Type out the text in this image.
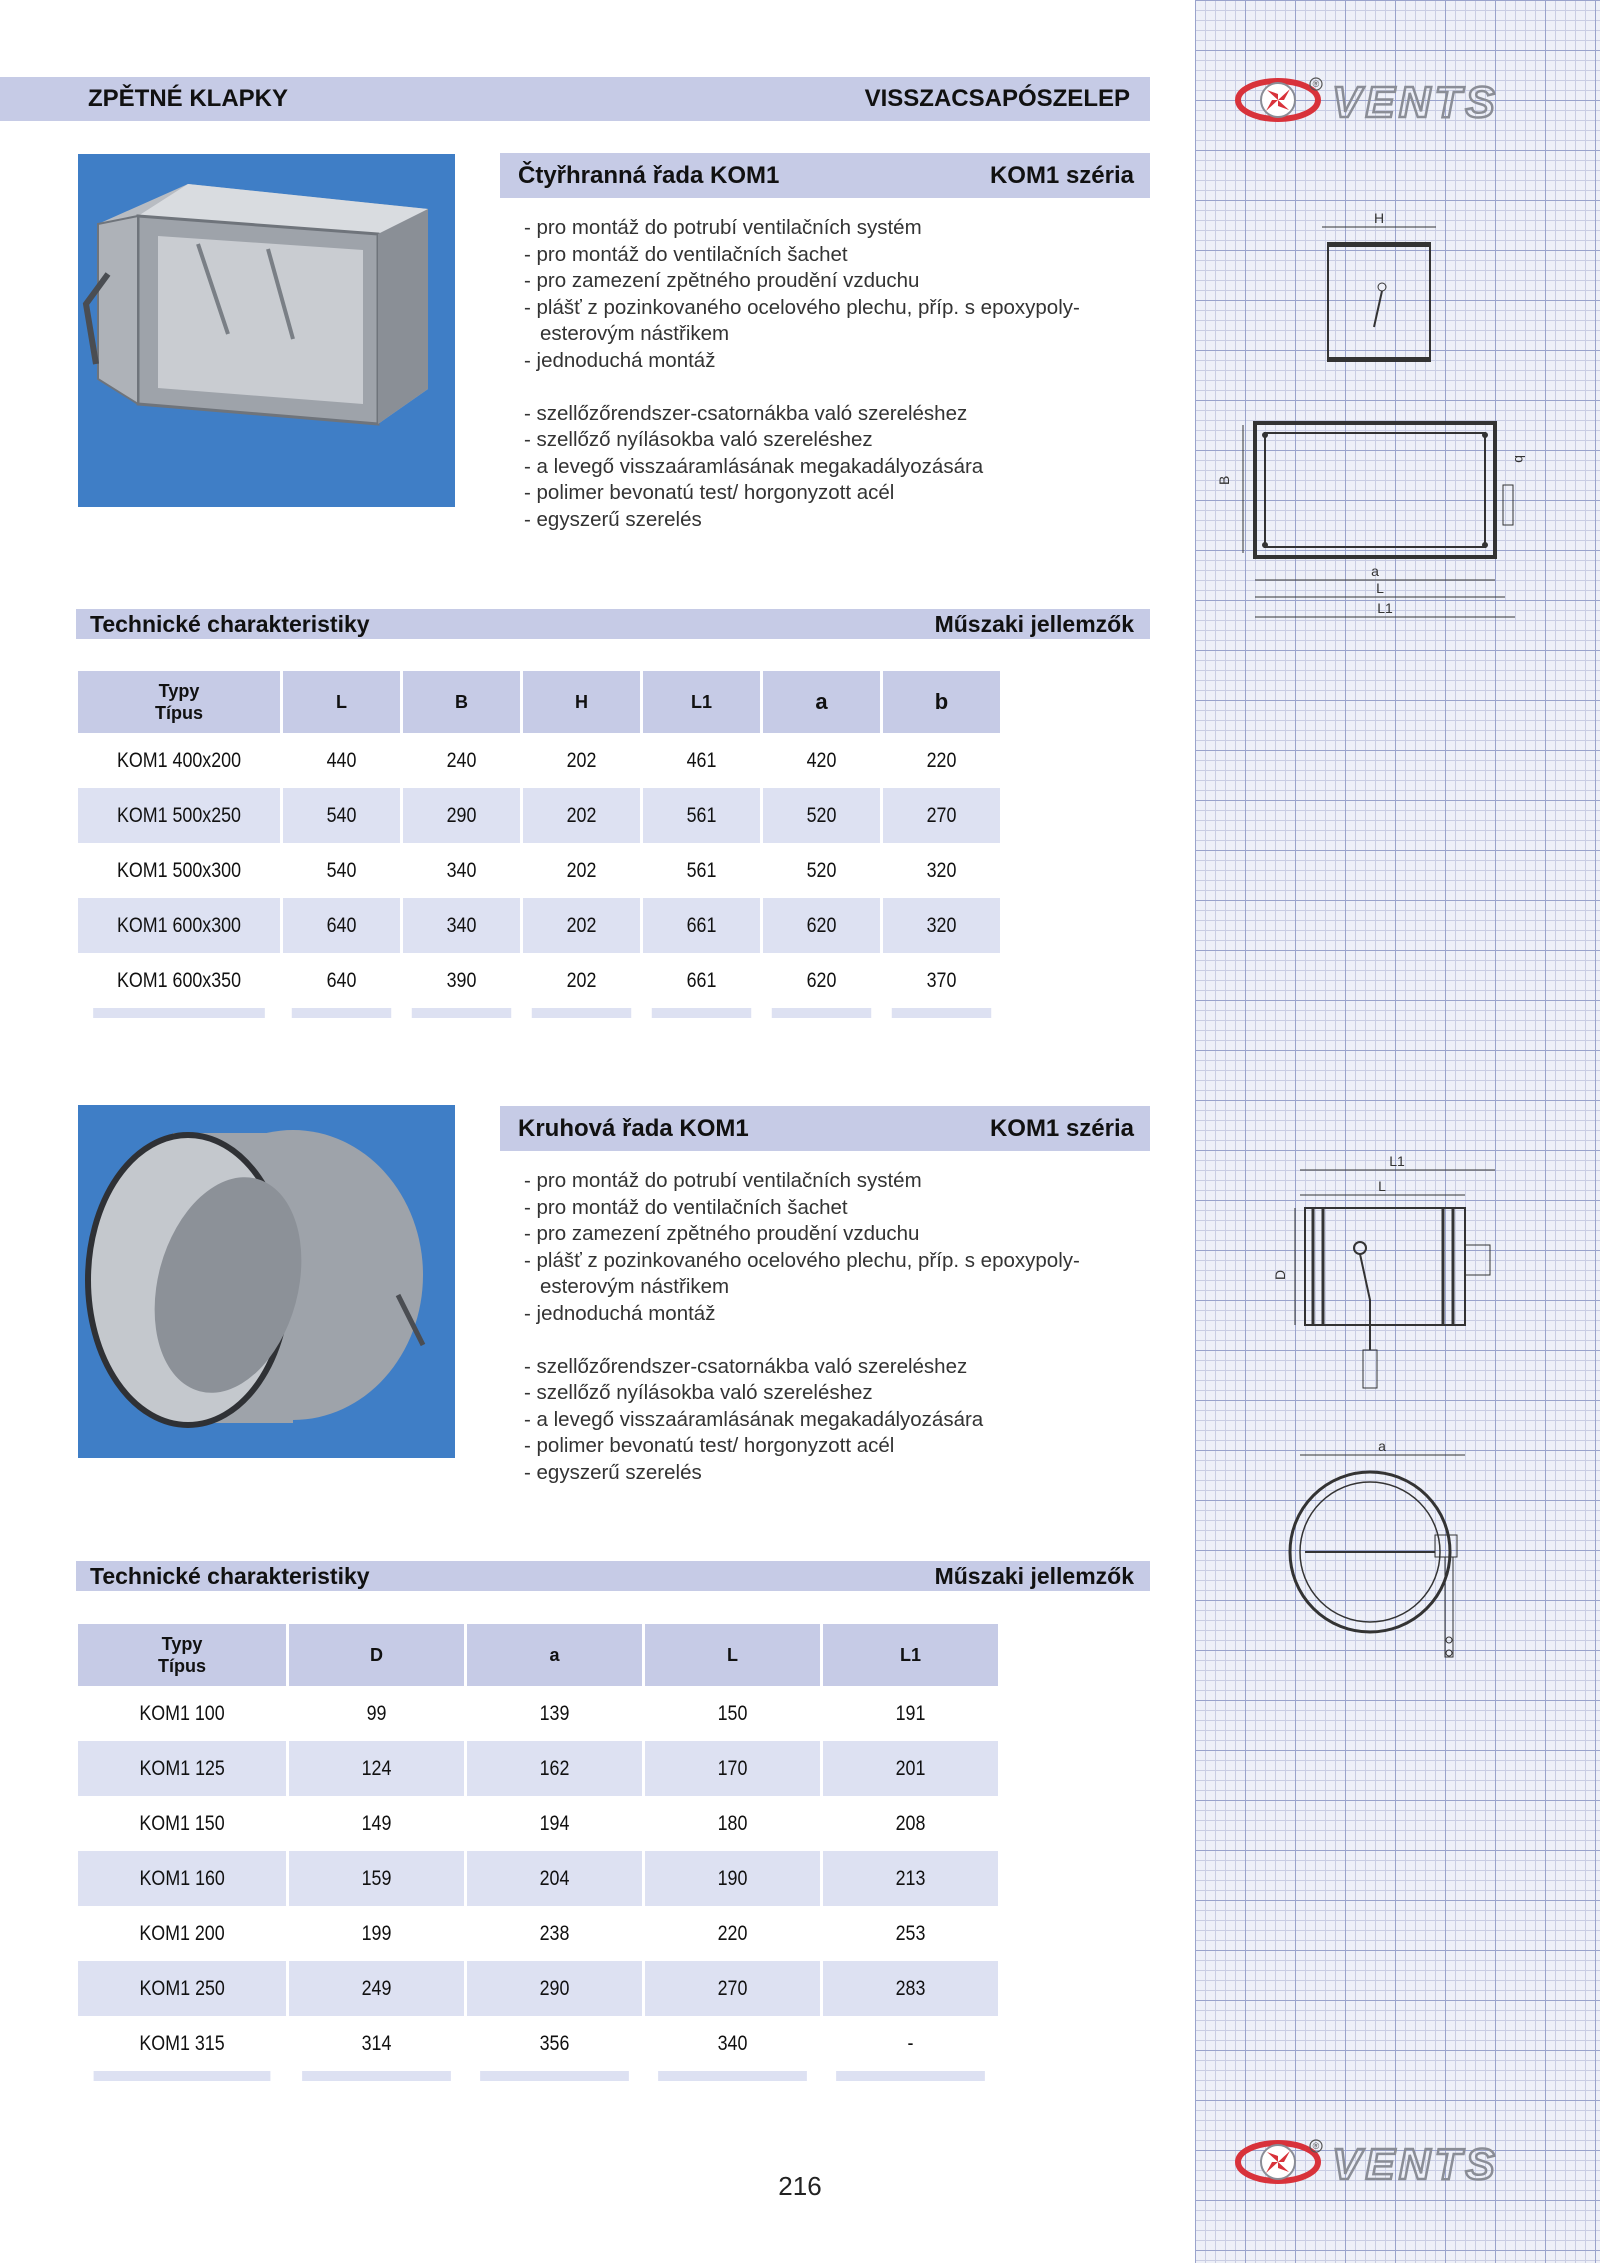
ZPĚTNÉ KLAPKY	VISSZACSAPÓSZELEP
® VENTS
® VENTS
Čtyřhranná řada KOM1	KOM1 széria
- pro montáž do potrubí ventilačních systém
- pro montáž do ventilačních šachet
- pro zamezení zpětného proudění vzduchu
- plášť z pozinkovaného ocelového plechu, příp. s epoxypoly-esterovým nástřikem
- jednoduchá montáž
- szellőzőrendszer-csatornákba való szereléshez
- szellőző nyílásokba való szereléshez
- a levegő visszaáramlásának megakadályozására
- polimer bevonatú test/ horgonyzott acél
- egyszerű szerelés
Technické charakteristiky	Műszaki jellemzők
Typy
Típus	L	B	H	L1	a	b
KOM1 400x200	440	240	202	461	420	220
KOM1 500x250	540	290	202	561	520	270
KOM1 500x300	540	340	202	561	520	320
KOM1 600x300	640	340	202	661	620	320
KOM1 600x350	640	390	202	661	620	370

H
B
b
a
L
L1
Kruhová řada KOM1	KOM1 széria
- pro montáž do potrubí ventilačních systém
- pro montáž do ventilačních šachet
- pro zamezení zpětného proudění vzduchu
- plášť z pozinkovaného ocelového plechu, příp. s epoxypoly-esterovým nástřikem
- jednoduchá montáž
- szellőzőrendszer-csatornákba való szereléshez
- szellőző nyílásokba való szereléshez
- a levegő visszaáramlásának megakadályozására
- polimer bevonatú test/ horgonyzott acél
- egyszerű szerelés
Technické charakteristiky	Műszaki jellemzők
Typy
Típus	D	a	L	L1
KOM1 100	99	139	150	191
KOM1 125	124	162	170	201
KOM1 150	149	194	180	208
KOM1 160	159	204	190	213
KOM1 200	199	238	220	253
KOM1 250	249	290	270	283
KOM1 315	314	356	340	-

L1
L
D
a
216
